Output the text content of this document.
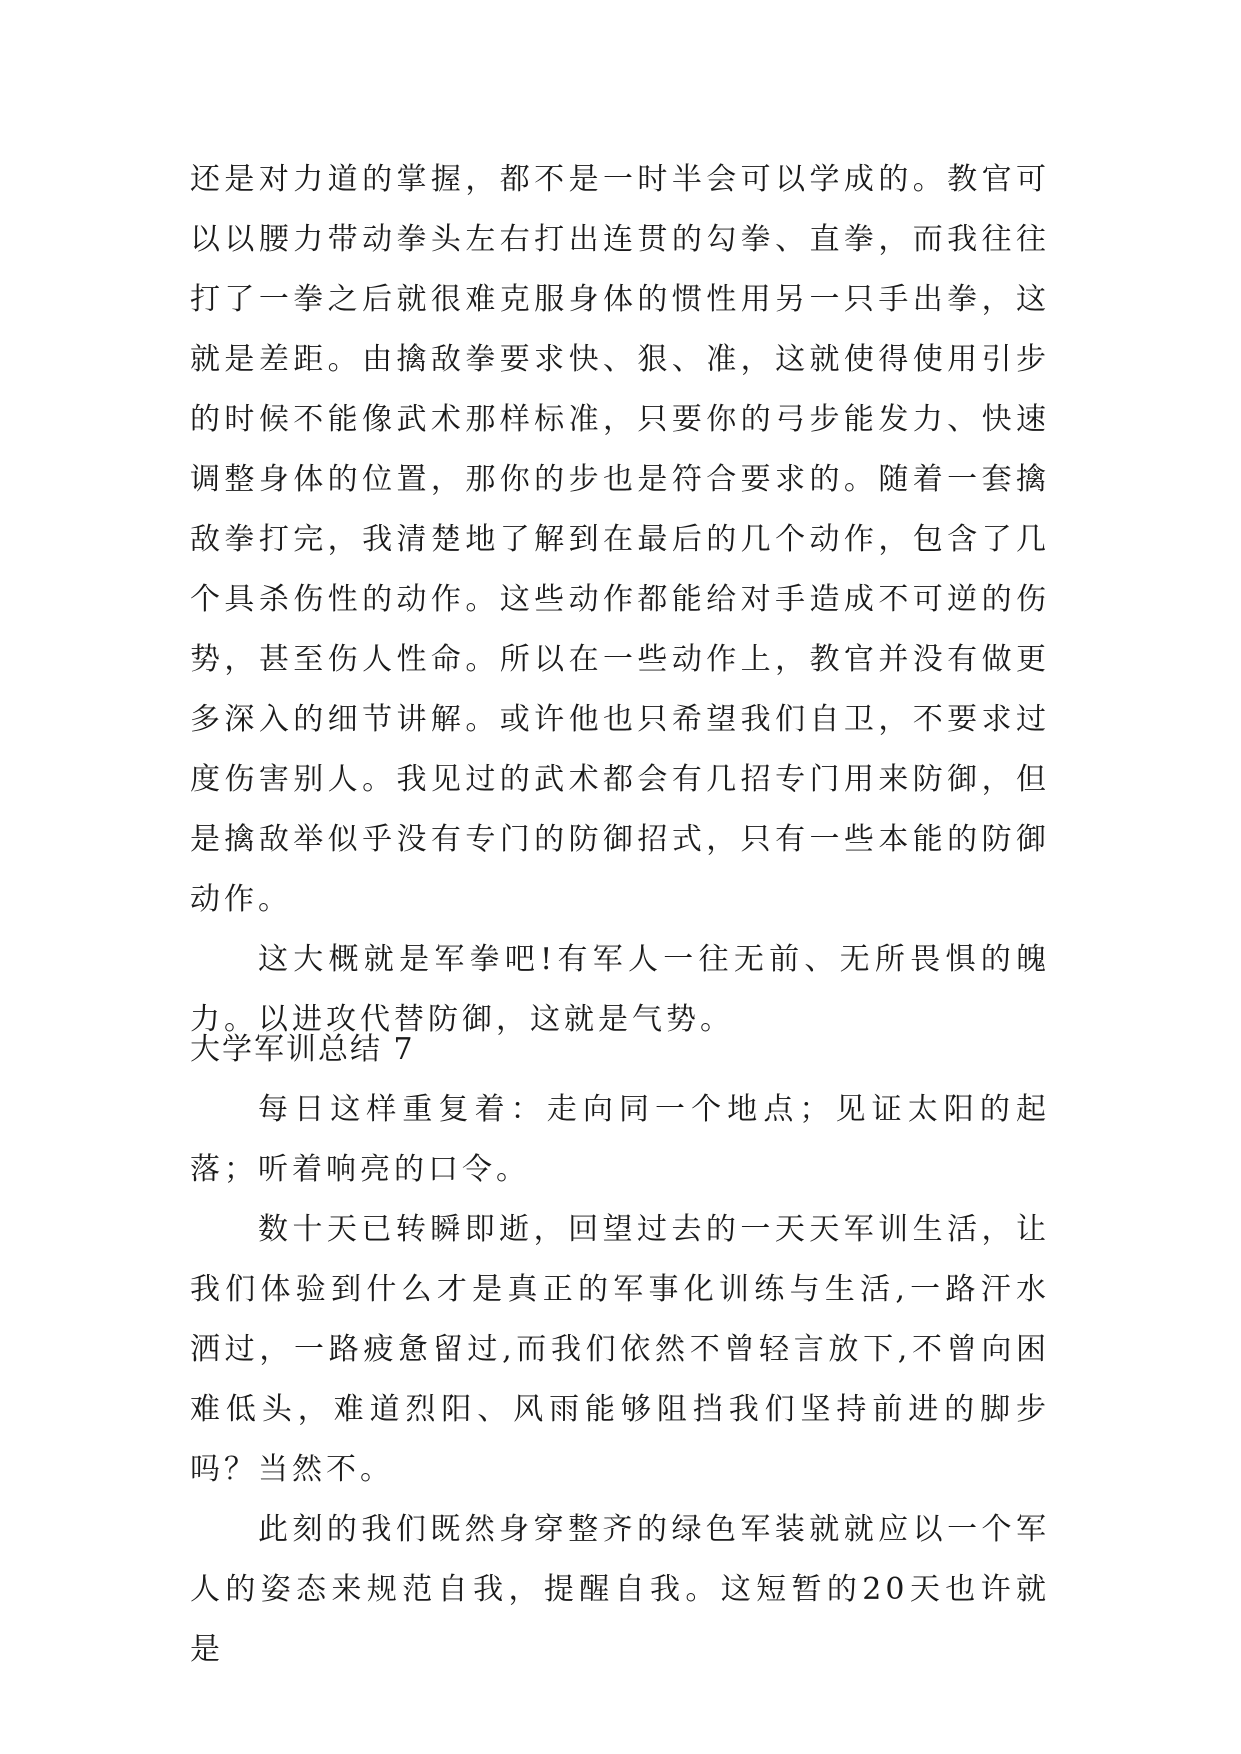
还是对力道的掌握，都不是一时半会可以学成的。教官可以以腰力带动拳头左右打出连贯的勾拳、直拳，而我往往打了一拳之后就很难克服身体的惯性用另一只手出拳，这就是差距。由擒敌拳要求快、狠、准，这就使得使用引步的时候不能像武术那样标准，只要你的弓步能发力、快速调整身体的位置，那你的步也是符合要求的。随着一套擒敌拳打完，我清楚地了解到在最后的几个动作，包含了几个具杀伤性的动作。这些动作都能给对手造成不可逆的伤势，甚至伤人性命。所以在一些动作上，教官并没有做更多深入的细节讲解。或许他也只希望我们自卫，不要求过度伤害别人。我见过的武术都会有几招专门用来防御，但是擒敌举似乎没有专门的防御招式，只有一些本能的防御动作。

这大概就是军拳吧!有军人一往无前、无所畏惧的魄力。以进攻代替防御，这就是气势。

大学军训总结 7

每日这样重复着：走向同一个地点；见证太阳的起落；听着响亮的口令。

数十天已转瞬即逝，回望过去的一天天军训生活，让我们体验到什么才是真正的军事化训练与生活,一路汗水洒过，一路疲惫留过,而我们依然不曾轻言放下,不曾向困难低头，难道烈阳、风雨能够阻挡我们坚持前进的脚步吗？当然不。

此刻的我们既然身穿整齐的绿色军装就就应以一个军人的姿态来规范自我，提醒自我。这短暂的20天也许就是
